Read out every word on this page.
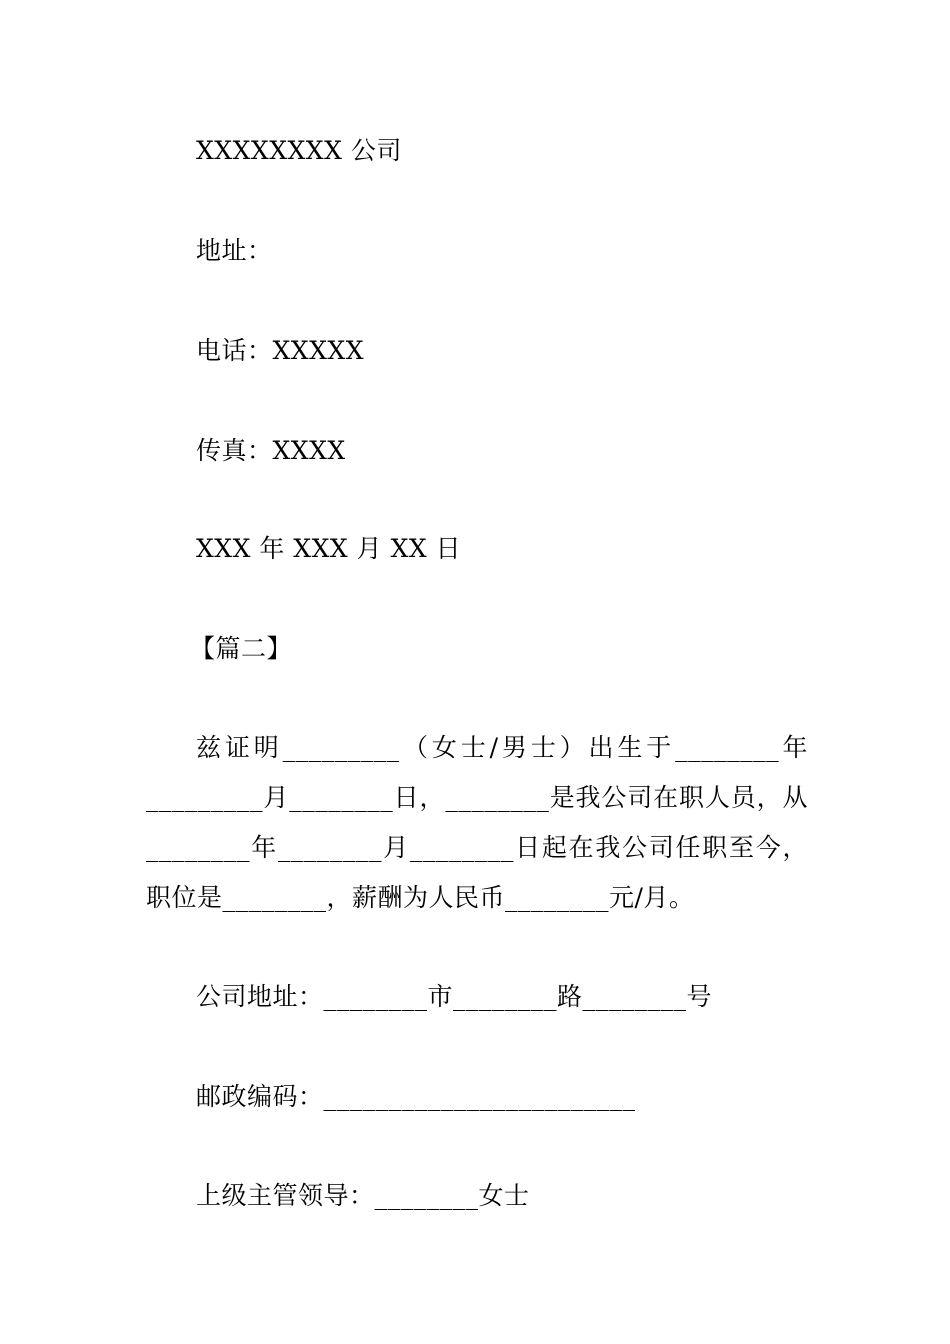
XXXXXXXX 公司
地址：
电话：XXXXX
传真：XXXX
XXX 年 XXX 月 XX 日
【篇二】
兹证明_________（女士/男士）出生于________年_________月________日，________是我公司在职人员，从________年________月________日起在我公司任职至今，职位是________，薪酬为人民币________元/月。
公司地址：________市________路________号
邮政编码：________________________
上级主管领导：________女士
